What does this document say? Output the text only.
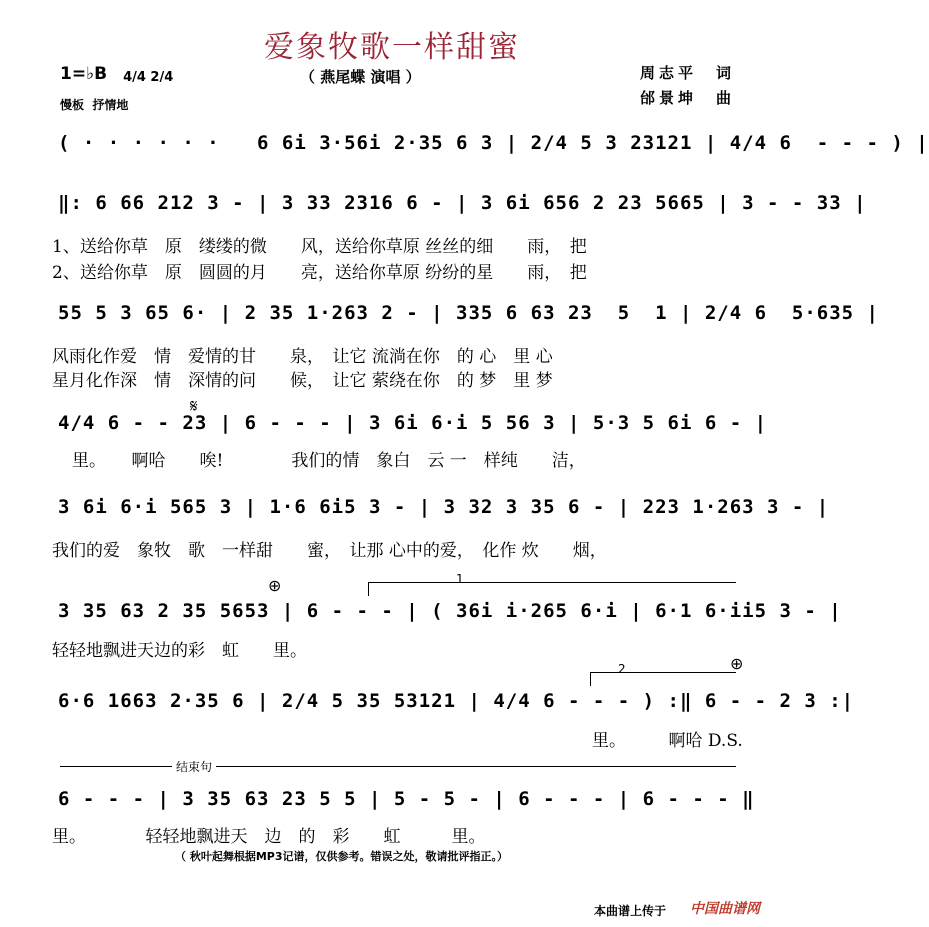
爱象牧歌一样甜蜜
（ 燕尾蝶 演唱 ）	周志平　词
邰景坤　曲
1=♭B	4/4 2/4

慢板  抒情地
( · · · · · ·   6 6i 3·56i 2·35 6 3 | 2/4 5 3 23121 | 4/4 6  - - - ) |
‖: 6 66 212 3 - | 3 33 2316 6 - | 3 6i 656 2 23 5665 | 3 - - 33 |
1、送给你草　原　缕缕的微　　风，送给你草原 丝丝的细　　雨，　把
2、送给你草　原　圆圆的月　　亮，送给你草原 纷纷的星　　雨，　把
55 5 3 65 6· | 2 35 1·263 2 - | 335 6 63 23  5  1 | 2/4 6  5·635 |
风雨化作爱　情　爱情的甘　　泉，　让它 流淌在你　的 心　里 心
星月化作深　情　深情的问　　候，　让它 萦绕在你　的 梦　里 梦
𝄋
4/4 6 - - 23 | 6 - - - | 3 6i 6·i 5 56 3 | 5·3 5 6i 6 - |
里。　　啊哈　　唉!　　　　我们的情　象白　云 一　样纯　　洁，
3 6i 6·i 565 3 | 1·6 6i5 3 - | 3 32 3 35 6 - | 223 1·263 3 - |
我们的爱　象牧　歌　一样甜　　蜜，　让那 心中的爱，　化作 炊　　烟，
1
⊕
3 35 63 2 35 5653 | 6 - - - | ( 36i i·265 6·i | 6·1 6·ii5 3 - |
轻轻地飘进天边的彩　虹　　里。
2	⊕
6·6 1663 2·35 6 | 2/4 5 35 53121 | 4/4 6 - - - ) :‖ 6 - - 2 3 :|
里。　　　啊哈 D.S.
结束句
6 - - - | 3 35 63 23 5 5 | 5 - 5 - | 6 - - - | 6 - - - ‖
里。　　　　轻轻地飘进天　边　的　彩　　虹　　　里。
（ 秋叶起舞根据MP3记谱，仅供参考。错误之处，敬请批评指正。）
本曲谱上传于 中国曲谱网
